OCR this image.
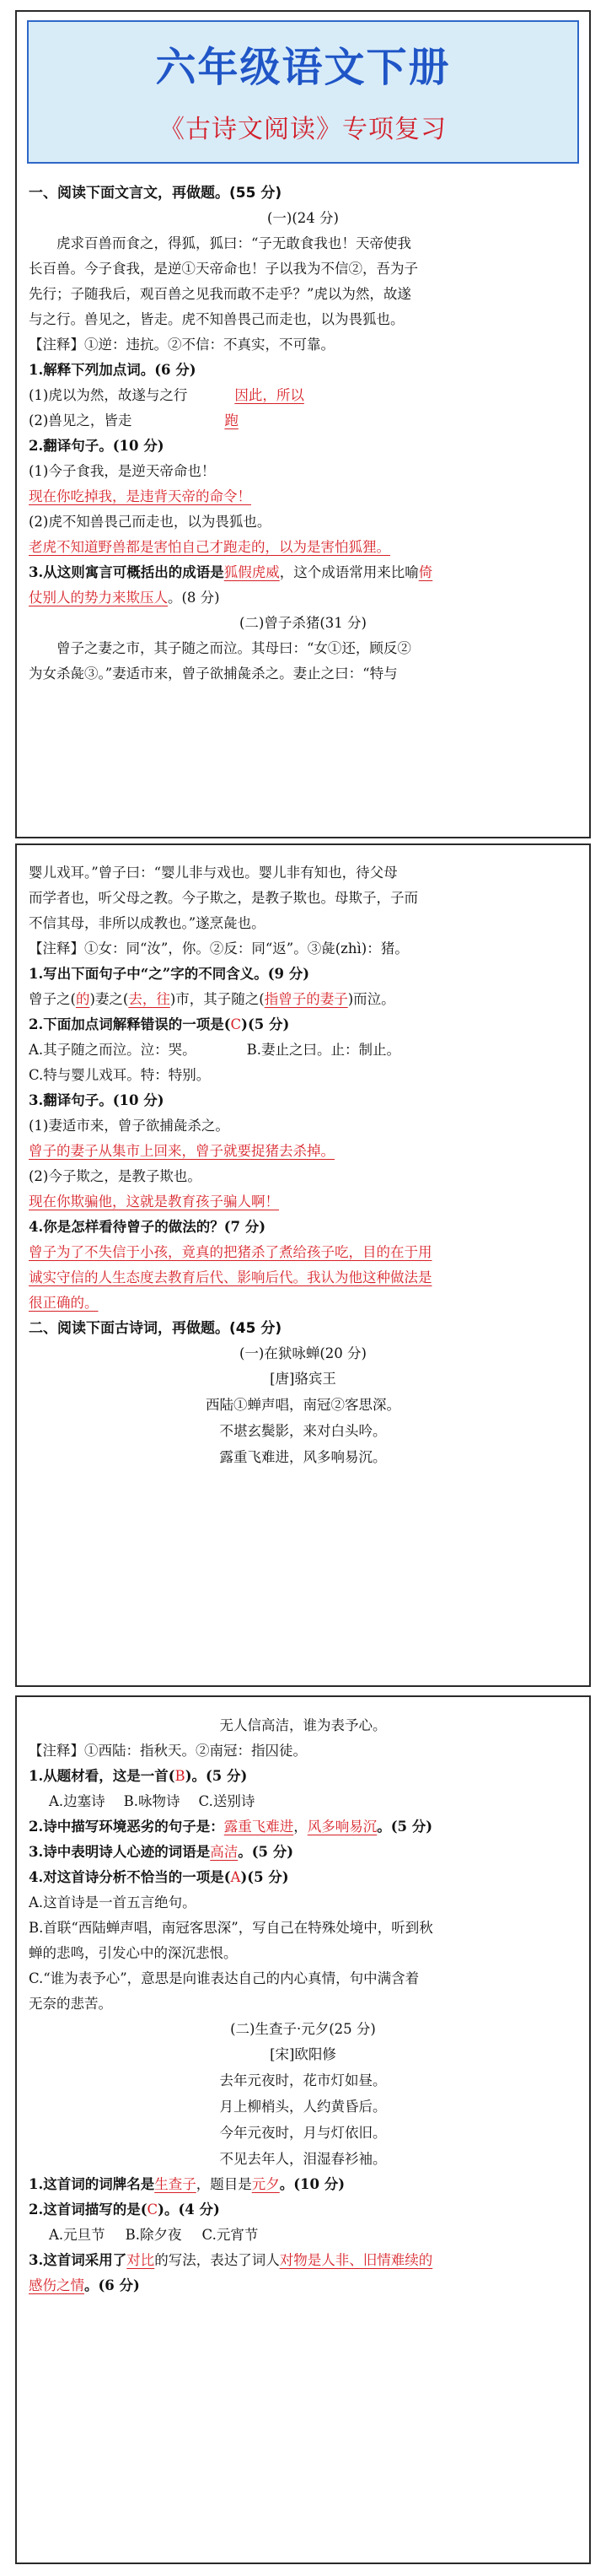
六年级语文下册
《古诗文阅读》专项复习
一、阅读下面文言文，再做题。(55 分)
(一)(24 分)
虎求百兽而食之，得狐，狐曰：“子无敢食我也！天帝使我
长百兽。今子食我，是逆①天帝命也！子以我为不信②，吾为子
先行；子随我后，观百兽之见我而敢不走乎？”虎以为然，故遂
与之行。兽见之，皆走。虎不知兽畏己而走也，以为畏狐也。
【注释】①逆：违抗。②不信：不真实，不可靠。
1.解释下列加点词。(6 分)
(1)虎以为然，故遂与之行	因此，所以
(2)兽见之，皆走	跑
2.翻译句子。(10 分)
(1)今子食我，是逆天帝命也！
现在你吃掉我，是违背天帝的命令！
(2)虎不知兽畏己而走也，以为畏狐也。
老虎不知道野兽都是害怕自己才跑走的，以为是害怕狐狸。
3.从这则寓言可概括出的成语是狐假虎威，这个成语常用来比喻倚
仗别人的势力来欺压人。(8 分)
(二)曾子杀猪(31 分)
曾子之妻之市，其子随之而泣。其母曰：“女①还，顾反②
为女杀彘③。”妻适市来，曾子欲捕彘杀之。妻止之曰：“特与
婴儿戏耳。”曾子曰：“婴儿非与戏也。婴儿非有知也，待父母
而学者也，听父母之教。今子欺之，是教子欺也。母欺子，子而
不信其母，非所以成教也。”遂烹彘也。
【注释】①女：同“汝”，你。②反：同“返”。③彘(zhì)：猪。
1.写出下面句子中“之”字的不同含义。(9 分)
曾子之(的)妻之(去，往)市，其子随之(指曾子的妻子)而泣。
2.下面加点词解释错误的一项是(C)(5 分)
A.其子随之而泣。泣：哭。	B.妻止之曰。止：制止。
C.特与婴儿戏耳。特：特别。
3.翻译句子。(10 分)
(1)妻适市来，曾子欲捕彘杀之。
曾子的妻子从集市上回来，曾子就要捉猪去杀掉。
(2)今子欺之，是教子欺也。
现在你欺骗他，这就是教育孩子骗人啊！
4.你是怎样看待曾子的做法的？(7 分)
曾子为了不失信于小孩，竟真的把猪杀了煮给孩子吃，目的在于用
诚实守信的人生态度去教育后代、影响后代。我认为他这种做法是
很正确的。
二、阅读下面古诗词，再做题。(45 分)
(一)在狱咏蝉(20 分)
[唐]骆宾王
西陆①蝉声唱，南冠②客思深。
不堪玄鬓影，来对白头吟。
露重飞难进，风多响易沉。
无人信高洁，谁为表予心。
【注释】①西陆：指秋天。②南冠：指囚徒。
1.从题材看，这是一首(B)。(5 分)
A.边塞诗 B.咏物诗 C.送别诗
2.诗中描写环境恶劣的句子是：露重飞难进，风多响易沉。(5 分)
3.诗中表明诗人心迹的词语是高洁。(5 分)
4.对这首诗分析不恰当的一项是(A)(5 分)
A.这首诗是一首五言绝句。
B.首联“西陆蝉声唱，南冠客思深”，写自己在特殊处境中，听到秋
蝉的悲鸣，引发心中的深沉悲恨。
C.“谁为表予心”，意思是向谁表达自己的内心真情，句中满含着
无奈的悲苦。
(二)生查子·元夕(25 分)
[宋]欧阳修
去年元夜时，花市灯如昼。
月上柳梢头，人约黄昏后。
今年元夜时，月与灯依旧。
不见去年人，泪湿春衫袖。
1.这首词的词牌名是生查子，题目是元夕。(10 分)
2.这首词描写的是(C)。(4 分)
A.元旦节 B.除夕夜 C.元宵节
3.这首词采用了对比的写法，表达了词人对物是人非、旧情难续的
感伤之情。(6 分)
